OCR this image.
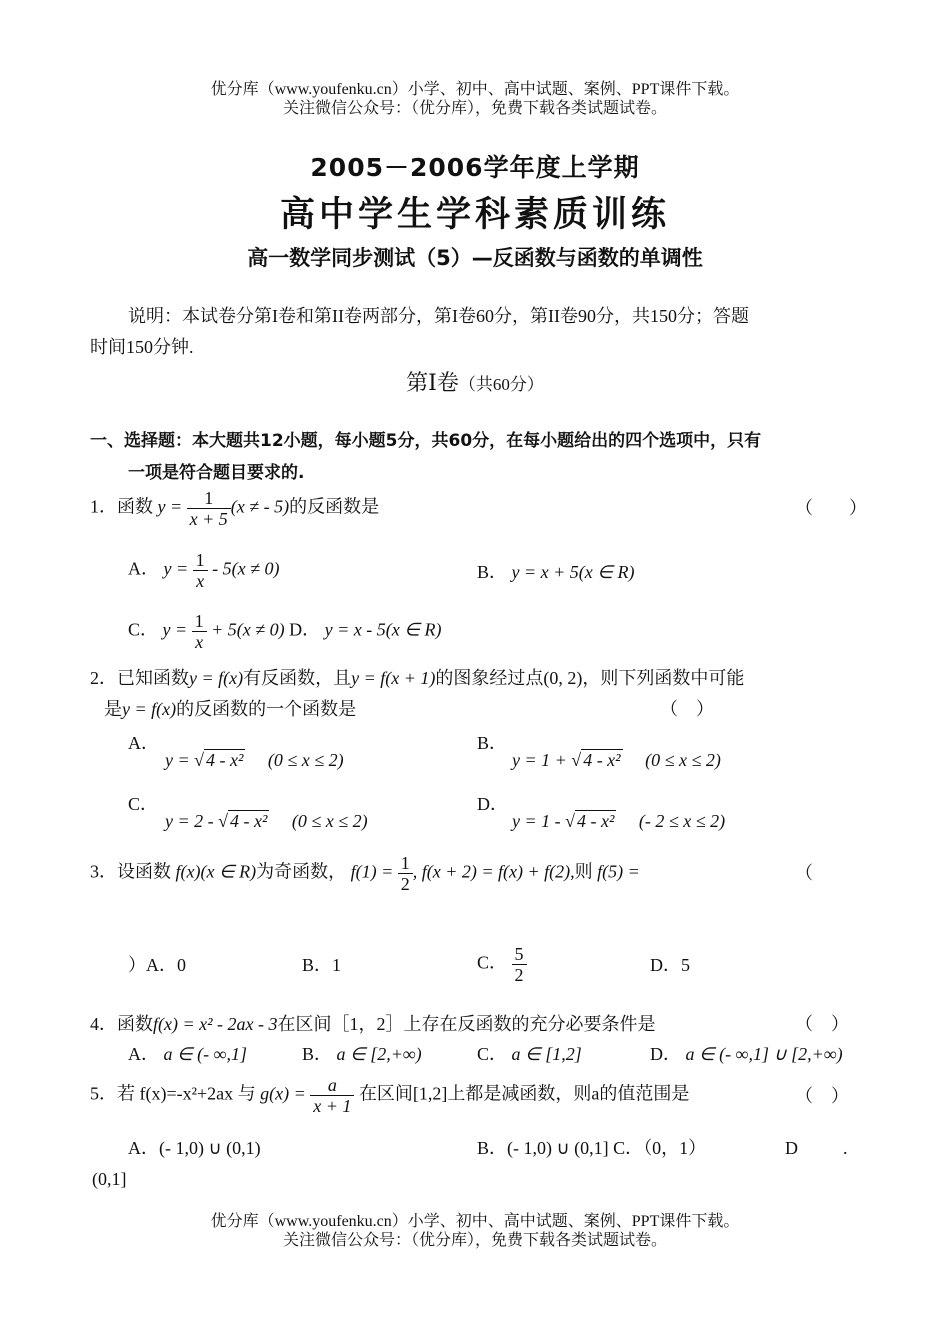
优分库（www.youfenku.cn）小学、初中、高中试题、案例、PPT课件下载。
关注微信公众号：（优分库），免费下载各类试题试卷。
2005－2006学年度上学期
高中学生学科素质训练
高一数学同步测试（5）—反函数与函数的单调性
说明：本试卷分第I卷和第II卷两部分，第I卷60分，第II卷90分，共150分；答题
时间150分钟.
第Ⅰ卷（共60分）
一、选择题：本大题共12小题，每小题5分，共60分，在每小题给出的四个选项中，只有
一项是符合题目要求的.
1．函数 $y = \frac{1}{x + 5} (x$ ≠ - 5)的反函数是	（　　）
A． $y = \frac{1}{x} - 5(x \ne 0)$	B． y = x + 5(x ∈ R)
C． $y = \frac{1}{x} + 5(x \ne 0)$ D． y = x - 5(x ∈ R)
2．已知函数y = f(x)有反函数，且y = f(x + 1)的图象经过点(0, 2)，则下列函数中可能
是y = f(x)的反函数的一个函数是	（　）
A．
y = √ 4 - x² (0 ≤ x ≤ 2)
B．
y = 1 + √ 4 - x² (0 ≤ x ≤ 2)
C．
y = 2 - √ 4 - x² (0 ≤ x ≤ 2)
D．
y = 1 - √ 4 - x² (- 2 ≤ x ≤ 2)
3．设函数 f(x)(x ∈ R)为奇函数， $f(1) = \frac{1}{2}$ , f(x + 2) = f(x) + f(2),则 f(5) =	（
）A．0	B．1	C． $\frac{5}{2}$	D．5
4．函数f(x) = x² - 2ax - 3在区间［1，2］上存在反函数的充分必要条件是	（　）
A． a ∈ (- ∞,1]	B． a ∈ [2,+∞)	C． a ∈ [1,2]	D． a ∈ (- ∞,1] ∪ [2,+∞)
5．若 f(x)=-x²+2ax 与 $g(x) = \frac{a}{x + 1}$ 在区间[1,2]上都是减函数，则a的值范围是	（　）
A．(- 1,0) ∪ (0,1)	B．(- 1,0) ∪ (0,1] C．（0，1）	D	.
(0,1]
优分库（www.youfenku.cn）小学、初中、高中试题、案例、PPT课件下载。
关注微信公众号：（优分库），免费下载各类试题试卷。
